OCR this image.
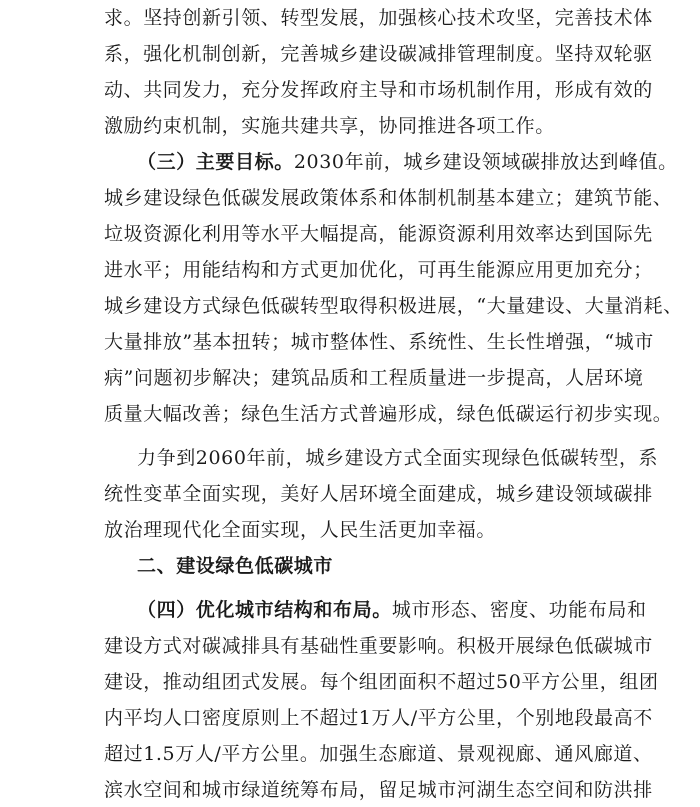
求。坚持创新引领、转型发展，加强核心技术攻坚，完善技术体
系，强化机制创新，完善城乡建设碳减排管理制度。坚持双轮驱
动、共同发力，充分发挥政府主导和市场机制作用，形成有效的
激励约束机制，实施共建共享，协同推进各项工作。
（三）主要目标。2030年前，城乡建设领域碳排放达到峰值。
城乡建设绿色低碳发展政策体系和体制机制基本建立；建筑节能、
垃圾资源化利用等水平大幅提高，能源资源利用效率达到国际先
进水平；用能结构和方式更加优化，可再生能源应用更加充分；
城乡建设方式绿色低碳转型取得积极进展，“大量建设、大量消耗、
大量排放”基本扭转；城市整体性、系统性、生长性增强，“城市
病”问题初步解决；建筑品质和工程质量进一步提高，人居环境
质量大幅改善；绿色生活方式普遍形成，绿色低碳运行初步实现。
力争到2060年前，城乡建设方式全面实现绿色低碳转型，系
统性变革全面实现，美好人居环境全面建成，城乡建设领域碳排
放治理现代化全面实现，人民生活更加幸福。
二、建设绿色低碳城市
（四）优化城市结构和布局。城市形态、密度、功能布局和
建设方式对碳减排具有基础性重要影响。积极开展绿色低碳城市
建设，推动组团式发展。每个组团面积不超过50平方公里，组团
内平均人口密度原则上不超过1万人/平方公里，个别地段最高不
超过1.5万人/平方公里。加强生态廊道、景观视廊、通风廊道、
滨水空间和城市绿道统筹布局，留足城市河湖生态空间和防洪排
